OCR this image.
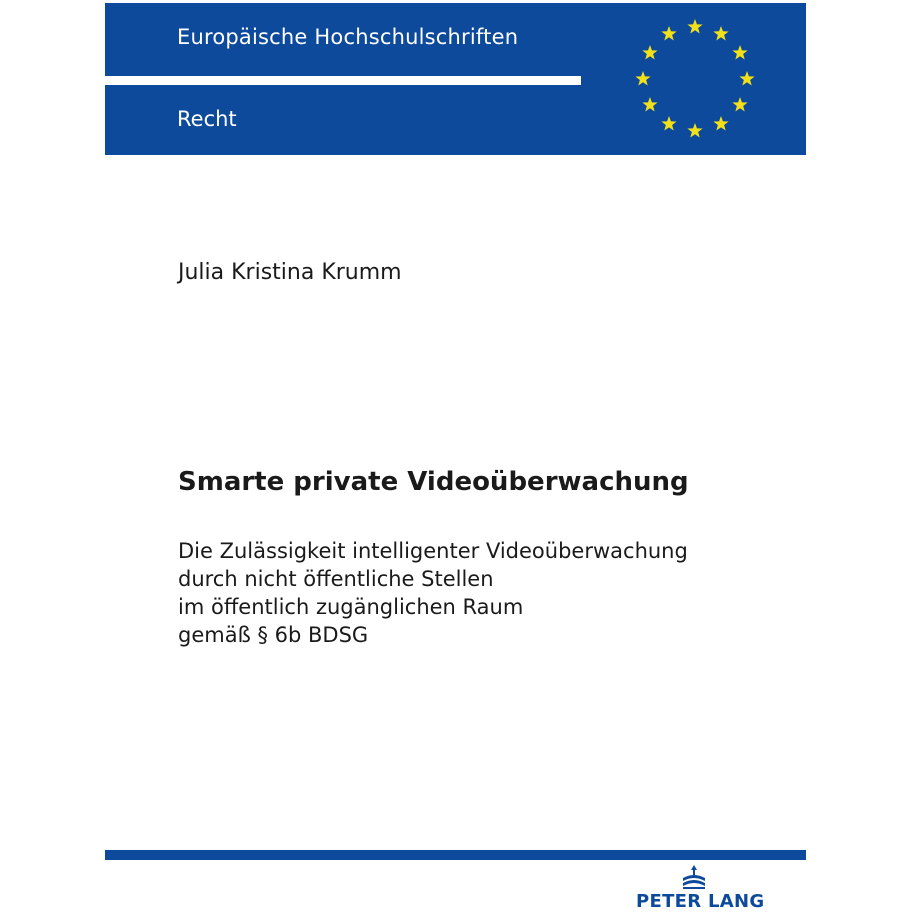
Europäische Hochschulschriften
Recht
Julia Kristina Krumm
Smarte private Videoüberwachung
Die Zulässigkeit intelligenter Videoüberwachung
durch nicht öffentliche Stellen
im öffentlich zugänglichen Raum
gemäß § 6b BDSG
PETER LANG
